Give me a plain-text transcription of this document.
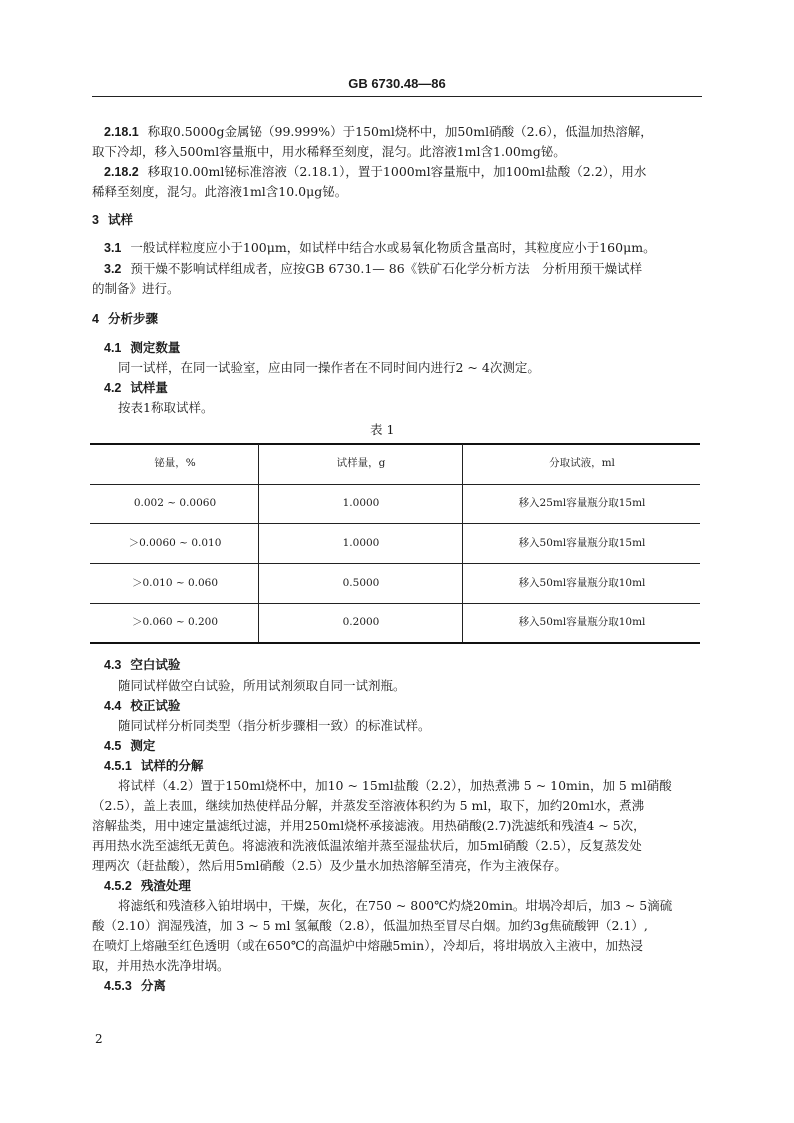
GB 6730.48—86
2.18.1 称取0.5000g金属铋（99.999%）于150ml烧杯中，加50ml硝酸（2.6），低温加热溶解，
取下冷却，移入500ml容量瓶中，用水稀释至刻度，混匀。此溶液1ml含1.00mg铋。
2.18.2 移取10.00ml铋标准溶液（2.18.1），置于1000ml容量瓶中，加100ml盐酸（2.2），用水
稀释至刻度，混匀。此溶液1ml含10.0μg铋。
3 试样
3.1 一般试样粒度应小于100μm，如试样中结合水或易氧化物质含量高时，其粒度应小于160μm。
3.2 预干燥不影响试样组成者，应按GB 6730.1— 86《铁矿石化学分析方法　分析用预干燥试样
的制备》进行。
4 分析步骤
4.1 测定数量
同一试样，在同一试验室，应由同一操作者在不同时间内进行2 ~ 4次测定。
4.2 试样量
按表1称取试样。
表 1
铋量，%	试样量，g	分取试液，ml
0.002 ~ 0.0060	1.0000	移入25ml容量瓶分取15ml
＞0.0060 ~ 0.010	1.0000	移入50ml容量瓶分取15ml
＞0.010 ~ 0.060	0.5000	移入50ml容量瓶分取10ml
＞0.060 ~ 0.200	0.2000	移入50ml容量瓶分取10ml
4.3 空白试验
随同试样做空白试验，所用试剂须取自同一试剂瓶。
4.4 校正试验
随同试样分析同类型（指分析步骤相一致）的标准试样。
4.5 测定
4.5.1 试样的分解
将试样（4.2）置于150ml烧杯中，加10 ~ 15ml盐酸（2.2），加热煮沸 5 ~ 10min，加 5 ml硝酸
（2.5），盖上表皿，继续加热使样品分解，并蒸发至溶液体积约为 5 ml，取下，加约20ml水，煮沸
溶解盐类，用中速定量滤纸过滤，并用250ml烧杯承接滤液。用热硝酸(2.7)洗滤纸和残渣4 ~ 5次，
再用热水洗至滤纸无黄色。将滤液和洗液低温浓缩并蒸至湿盐状后，加5ml硝酸（2.5），反复蒸发处
理两次（赶盐酸），然后用5ml硝酸（2.5）及少量水加热溶解至清亮，作为主液保存。
4.5.2 残渣处理
将滤纸和残渣移入铂坩埚中，干燥，灰化，在750 ~ 800℃灼烧20min。坩埚冷却后，加3 ~ 5滴硫
酸（2.10）润湿残渣，加 3 ~ 5 ml 氢氟酸（2.8），低温加热至冒尽白烟。加约3g焦硫酸钾（2.1）,
在喷灯上熔融至红色透明（或在650℃的高温炉中熔融5min），冷却后，将坩埚放入主液中，加热浸
取，并用热水洗净坩埚。
4.5.3 分离
2
